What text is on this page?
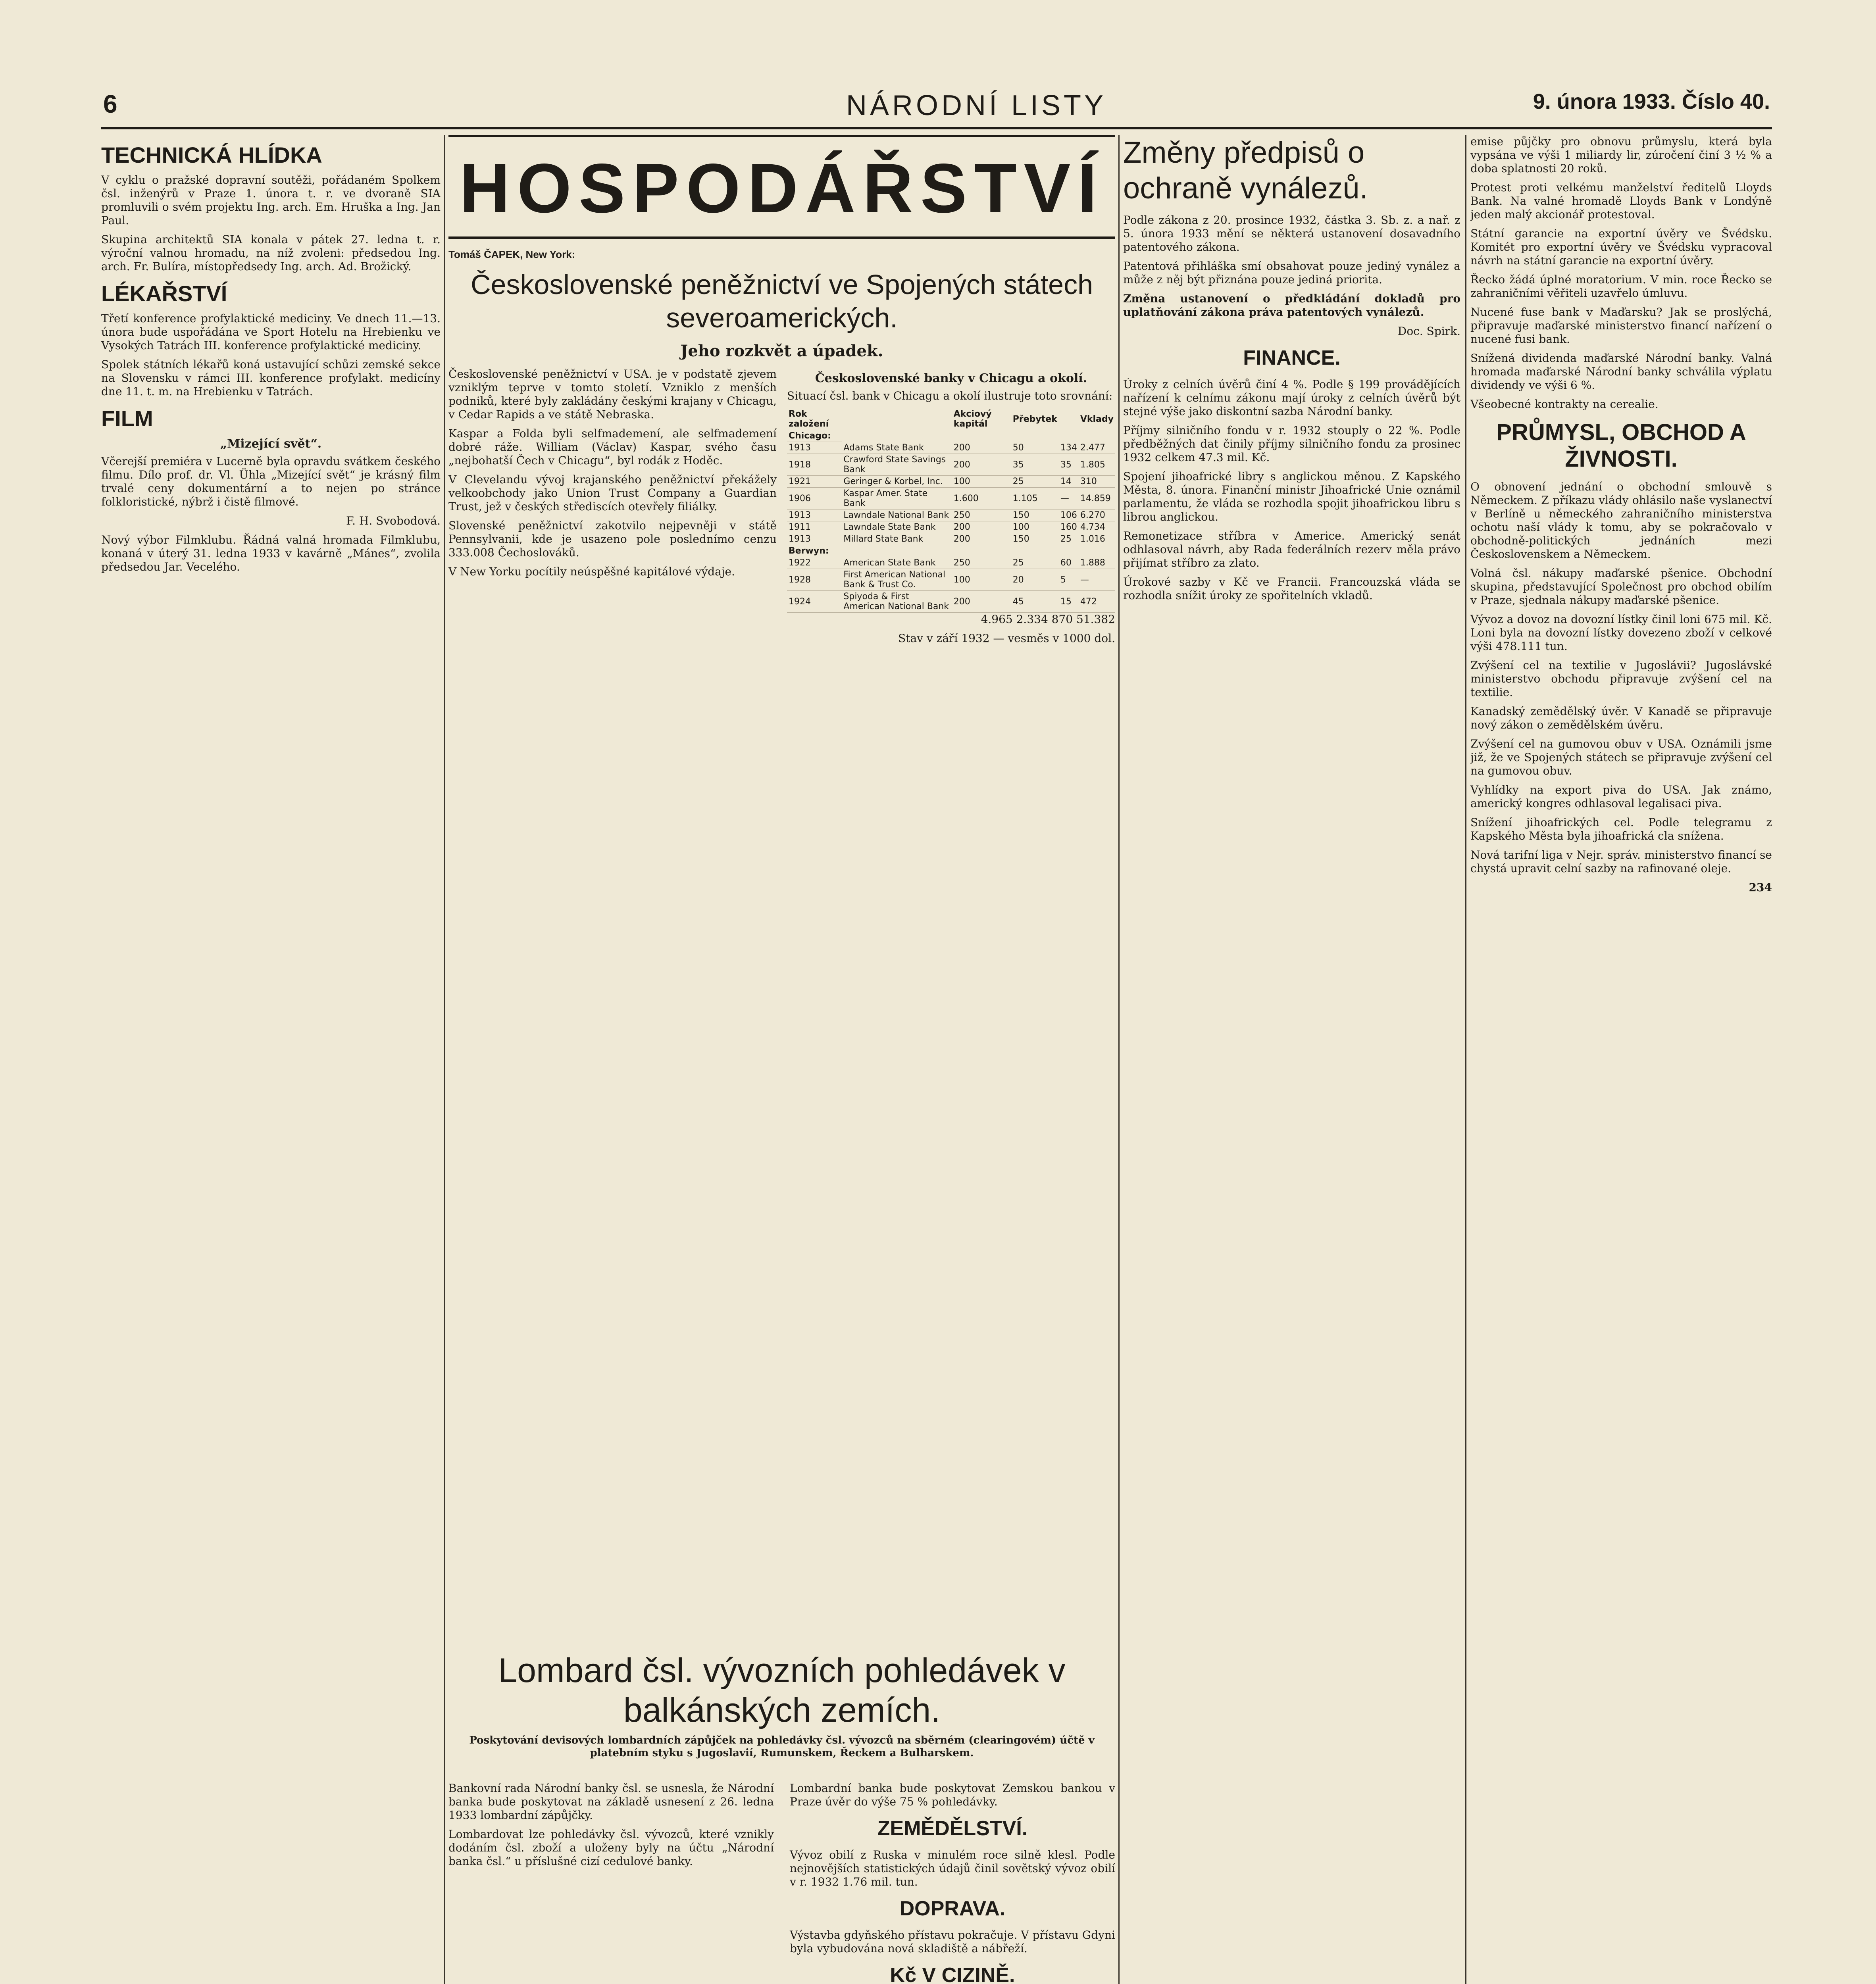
6	NÁRODNÍ LISTY	9. února 1933. Číslo 40.
TECHNICKÁ HLÍDKA

V cyklu o pražské dopravní soutěži, pořádaném Spolkem čsl. inženýrů v Praze 1. února t. r. ve dvoraně SIA promluvili o svém projektu Ing. arch. Em. Hruška a Ing. Jan Paul.

Skupina architektů SIA konala v pátek 27. ledna t. r. výroční valnou hromadu, na níž zvoleni: předsedou Ing. arch. Fr. Bulíra, místopředsedy Ing. arch. Ad. Brožický.

LÉKAŘSTVÍ

Třetí konference profylaktické mediciny. Ve dnech 11.—13. února bude uspořádána ve Sport Hotelu na Hrebienku ve Vysokých Tatrách III. konference profylaktické mediciny.

Spolek státních lékařů koná ustavující schůzi zemské sekce na Slovensku v rámci III. konference profylakt. medicíny dne 11. t. m. na Hrebienku v Tatrách.

FILM
„Mizející svět“.

Včerejší premiéra v Lucerně byla opravdu svátkem českého filmu. Dílo prof. dr. Vl. Ühla „Mizející svět“ je krásný film trvalé ceny dokumentární a to nejen po stránce folkloristické, nýbrž i čistě filmové.

F. H. Svobodová.

Nový výbor Filmklubu. Řádná valná hromada Filmklubu, konaná v úterý 31. ledna 1933 v kavárně „Mánes“, zvolila předsedou Jar. Vecelého.

HOSPODÁŘSTVÍ
Tomáš ČAPEK, New York:
Československé peněžnictví ve Spojených státech severoamerických.
Jeho rozkvět a úpadek.

Československé peněžnictví v USA. je v podstatě zjevem vzniklým teprve v tomto století. Vzniklo z menších podniků, které byly zakládány českými krajany v Chicagu, v Cedar Rapids a ve státě Nebraska.

Kaspar a Folda byli selfmademení, ale selfmademení dobré ráže. William (Václav) Kaspar, svého času „nejbohatší Čech v Chicagu“, byl rodák z Hoděc.

V Clevelandu vývoj krajanského peněžnictví překážely velkoobchody jako Union Trust Company a Guardian Trust, jež v českých střediscích otevřely filiálky.

Slovenské peněžnictví zakotvilo nejpevněji v státě Pennsylvanii, kde je usazeno pole poslednímo cenzu 333.008 Čechoslováků.

V New Yorku pocítily neúspěšné kapitálové výdaje.

Československé banky v Chicagu a okolí.

Situací čsl. bank v Chicagu a okolí ilustruje toto srovnání:

Rok založení		Akciový kapitál	Přebytek		Vklady
Chicago:					
1913	Adams State Bank	200	50	134	2.477
1918	Crawford State Savings Bank	200	35	35	1.805
1921	Geringer & Korbel, Inc.	100	25	14	310
1906	Kaspar Amer. State Bank	1.600	1.105	—	14.859
1913	Lawndale National Bank	250	150	106	6.270
1911	Lawndale State Bank	200	100	160	4.734
1913	Millard State Bank	200	150	25	1.016
Berwyn:					
1922	American State Bank	250	25	60	1.888
1928	First American National Bank & Trust Co.	100	20	5	—
1924	Spiyoda & First American National Bank	200	45	15	472

4.965 2.334 870 51.382

Stav v září 1932 — vesměs v 1000 dol.

Lombard čsl. vývozních pohledávek v balkánských zemích.
Poskytování devisových lombardních zápůjček na pohledávky čsl. vývozců na sběrném (clearingovém) účtě v platebním styku s Jugoslavií, Rumunskem, Řeckem a Bulharskem.

Bankovní rada Národní banky čsl. se usnesla, že Národní banka bude poskytovat na základě usnesení z 26. ledna 1933 lombardní zápůjčky.

Lombardovat lze pohledávky čsl. vývozců, které vznikly dodáním čsl. zboží a uloženy byly na účtu „Národní banka čsl.“ u příslušné cizí cedulové banky.

Lombardní banka bude poskytovat Zemskou bankou v Praze úvěr do výše 75 % pohledávky.

ZEMĚDĚLSTVÍ.

Vývoz obilí z Ruska v minulém roce silně klesl. Podle nejnovějších statistických údajů činil sovětský vývoz obilí v r. 1932 1.76 mil. tun.

DOPRAVA.

Výstavba gdyňského přístavu pokračuje. V přístavu Gdyni byla vybudována nová skladiště a nábřeží.

Kč V CIZINĚ.

Změny předpisů o ochraně vynálezů.

Podle zákona z 20. prosince 1932, částka 3. Sb. z. a nař. z 5. února 1933 mění se některá ustanovení dosavadního patentového zákona.

Patentová přihláška smí obsahovat pouze jediný vynález a může z něj být přiznána pouze jediná priorita.

Změna ustanovení o předkládání dokladů pro uplatňování zákona práva patentových vynálezů.

Doc. Spirk.

FINANCE.

Úroky z celních úvěrů činí 4 %. Podle § 199 provádějících nařízení k celnímu zákonu mají úroky z celních úvěrů být stejné výše jako diskontní sazba Národní banky.

Příjmy silničního fondu v r. 1932 stouply o 22 %. Podle předběžných dat činily příjmy silničního fondu za prosinec 1932 celkem 47.3 mil. Kč.

Spojení jihoafrické libry s anglickou měnou. Z Kapského Města, 8. února. Finanční ministr Jihoafrické Unie oznámil parlamentu, že vláda se rozhodla spojit jihoafrickou libru s librou anglickou.

Remonetizace stříbra v Americe. Americký senát odhlasoval návrh, aby Rada federálních rezerv měla právo přijímat stříbro za zlato.

Úrokové sazby v Kč ve Francii. Francouzská vláda se rozhodla snížit úroky ze spořitelních vkladů.

emise půjčky pro obnovu průmyslu, která byla vypsána ve výši 1 miliardy lir, zúročení činí 3 ½ % a doba splatnosti 20 roků.

Protest proti velkému manželství ředitelů Lloyds Bank. Na valné hromadě Lloyds Bank v Londýně jeden malý akcionář protestoval.

Státní garancie na exportní úvěry ve Švédsku. Komitét pro exportní úvěry ve Švédsku vypracoval návrh na státní garancie na exportní úvěry.

Řecko žádá úplné moratorium. V min. roce Řecko se zahraničními věřiteli uzavřelo úmluvu.

Nucené fuse bank v Maďarsku? Jak se proslýchá, připravuje maďarské ministerstvo financí nařízení o nucené fusi bank.

Snížená dividenda maďarské Národní banky. Valná hromada maďarské Národní banky schválila výplatu dividendy ve výši 6 %.

Všeobecné kontrakty na cerealie.

PRŮMYSL, OBCHOD A ŽIVNOSTI.

O obnovení jednání o obchodní smlouvě s Německem. Z příkazu vlády ohlásilo naše vyslanectví v Berlíně u německého zahraničního ministerstva ochotu naší vlády k tomu, aby se pokračovalo v obchodně-politických jednáních mezi Československem a Německem.

Volná čsl. nákupy maďarské pšenice. Obchodní skupina, představující Společnost pro obchod obilím v Praze, sjednala nákupy maďarské pšenice.

Vývoz a dovoz na dovozní lístky činil loni 675 mil. Kč. Loni byla na dovozní lístky dovezeno zboží v celkové výši 478.111 tun.

Zvýšení cel na textilie v Jugoslávii? Jugoslávské ministerstvo obchodu připravuje zvýšení cel na textilie.

Kanadský zemědělský úvěr. V Kanadě se připravuje nový zákon o zemědělském úvěru.

Zvýšení cel na gumovou obuv v USA. Oznámili jsme již, že ve Spojených státech se připravuje zvýšení cel na gumovou obuv.

Vyhlídky na export piva do USA. Jak známo, americký kongres odhlasoval legalisaci piva.

Snížení jihoafrických cel. Podle telegramu z Kapského Města byla jihoafrická cla snížena.

Nová tarifní liga v Nejr. správ. ministerstvo financí se chystá upravit celní sazby na rafinované oleje.

234
